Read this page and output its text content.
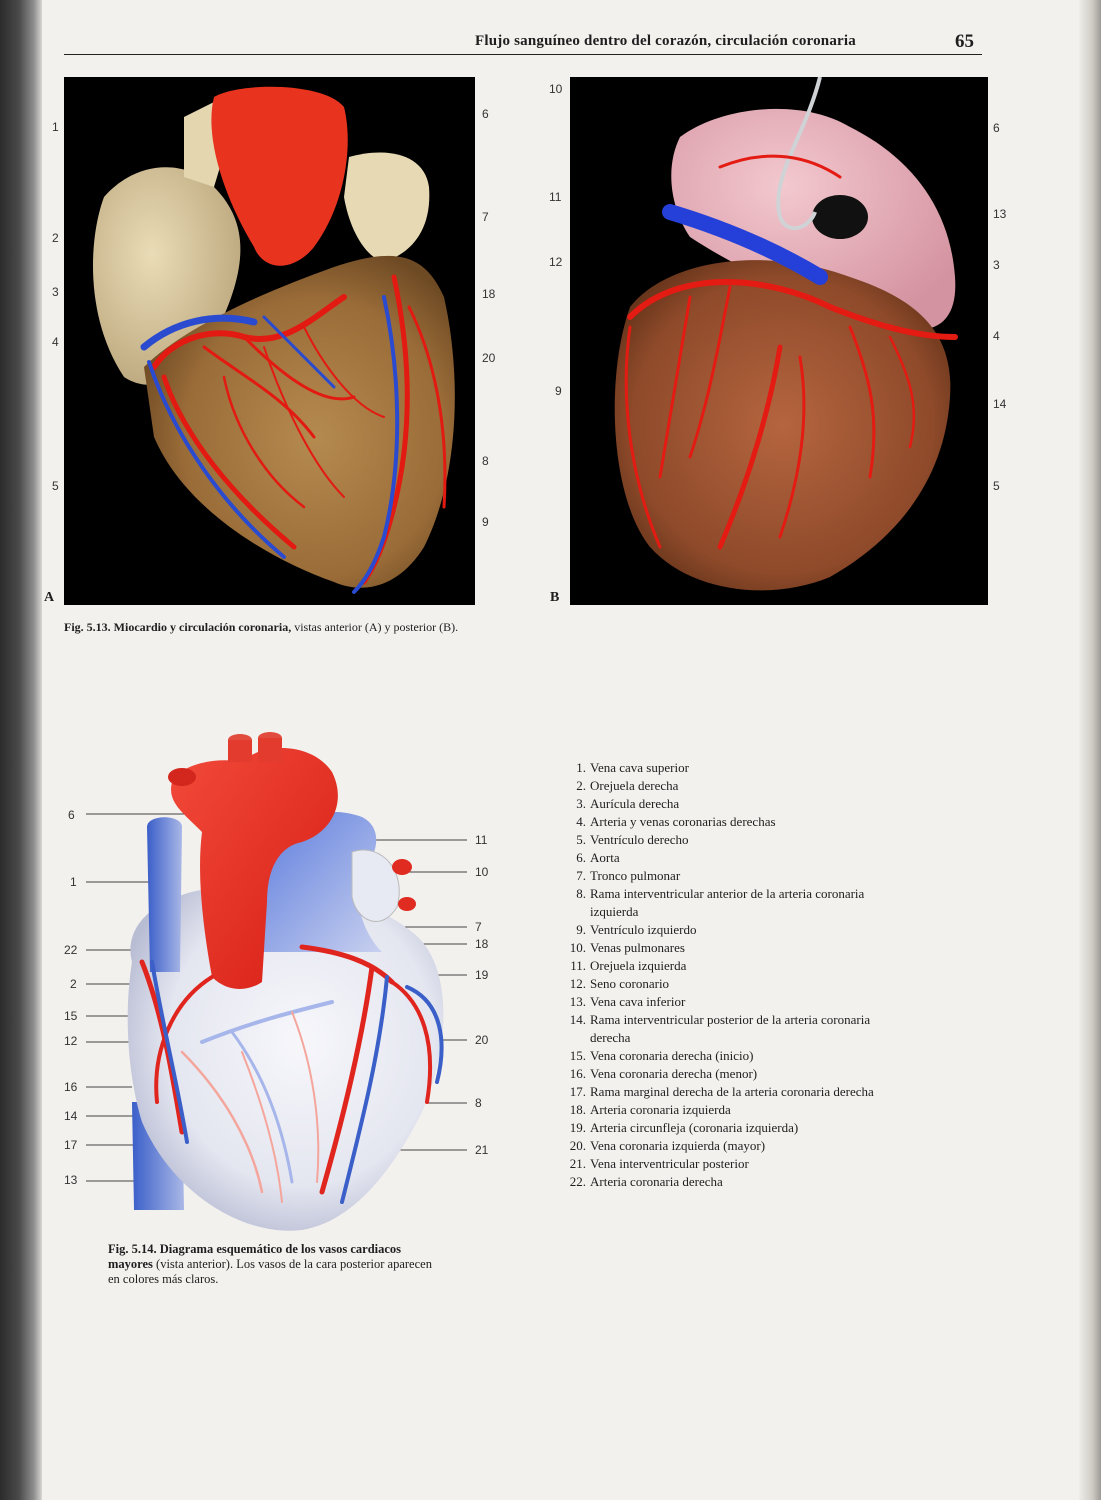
Flujo sanguíneo dentro del corazón, circulación coronaria	65
A
1
2
3
4
5
6
7
18
20
8
9
B
10
11
12
9
6
13
3
4
14
5
Fig. 5.13. Miocardio y circulación coronaria, vistas anterior (A) y posterior (B).
6
1
22
2
15
12
16
14
17
13
11
10
7
18
19
20
8
21
Fig. 5.14. Diagrama esquemático de los vasos cardiacos mayores (vista anterior). Los vasos de la cara posterior aparecen en colores más claros.
1. Vena cava superior
2. Orejuela derecha
3. Aurícula derecha
4. Arteria y venas coronarias derechas
5. Ventrículo derecho
6. Aorta
7. Tronco pulmonar
8. Rama interventricular anterior de la arteria coronaria
izquierda
9. Ventrículo izquierdo
10. Venas pulmonares
11. Orejuela izquierda
12. Seno coronario
13. Vena cava inferior
14. Rama interventricular posterior de la arteria coronaria
derecha
15. Vena coronaria derecha (inicio)
16. Vena coronaria derecha (menor)
17. Rama marginal derecha de la arteria coronaria derecha
18. Arteria coronaria izquierda
19. Arteria circunfleja (coronaria izquierda)
20. Vena coronaria izquierda (mayor)
21. Vena interventricular posterior
22. Arteria coronaria derecha
